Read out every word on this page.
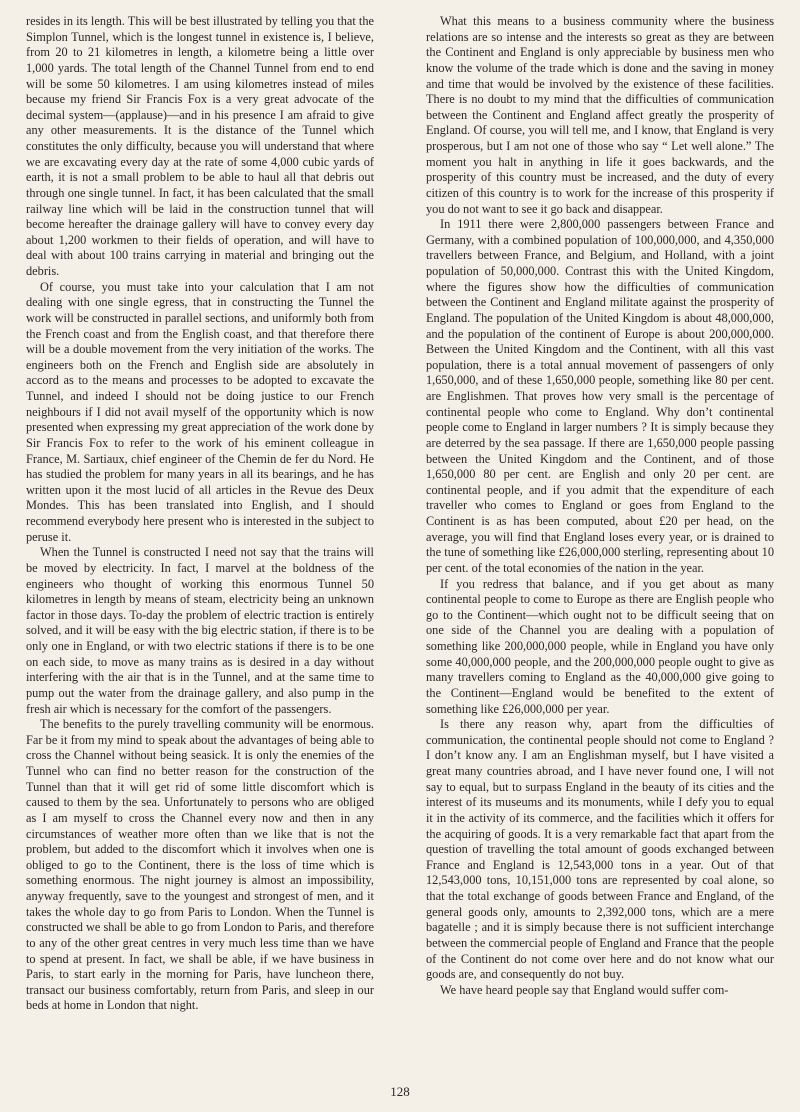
resides in its length. This will be best illustrated by telling you that the Simplon Tunnel, which is the longest tunnel in existence is, I believe, from 20 to 21 kilometres in length, a kilometre being a little over 1,000 yards. The total length of the Channel Tunnel from end to end will be some 50 kilometres. I am using kilometres instead of miles because my friend Sir Francis Fox is a very great advocate of the decimal system—(applause)—and in his presence I am afraid to give any other measurements. It is the distance of the Tunnel which constitutes the only difficulty, because you will understand that where we are excavating every day at the rate of some 4,000 cubic yards of earth, it is not a small problem to be able to haul all that debris out through one single tunnel. In fact, it has been calculated that the small railway line which will be laid in the construction tunnel that will become hereafter the drainage gallery will have to convey every day about 1,200 workmen to their fields of operation, and will have to deal with about 100 trains carrying in material and bringing out the debris.

Of course, you must take into your calculation that I am not dealing with one single egress, that in constructing the Tunnel the work will be constructed in parallel sections, and uniformly both from the French coast and from the English coast, and that therefore there will be a double movement from the very initiation of the works. The engineers both on the French and English side are absolutely in accord as to the means and processes to be adopted to excavate the Tunnel, and indeed I should not be doing justice to our French neighbours if I did not avail myself of the opportunity which is now presented when expressing my great appreciation of the work done by Sir Francis Fox to refer to the work of his eminent colleague in France, M. Sartiaux, chief engineer of the Chemin de fer du Nord. He has studied the problem for many years in all its bearings, and he has written upon it the most lucid of all articles in the Revue des Deux Mondes. This has been translated into English, and I should recommend everybody here present who is interested in the subject to peruse it.

When the Tunnel is constructed I need not say that the trains will be moved by electricity. In fact, I marvel at the boldness of the engineers who thought of working this enormous Tunnel 50 kilometres in length by means of steam, electricity being an unknown factor in those days. To-day the problem of electric traction is entirely solved, and it will be easy with the big electric station, if there is to be only one in England, or with two electric stations if there is to be one on each side, to move as many trains as is desired in a day without interfering with the air that is in the Tunnel, and at the same time to pump out the water from the drainage gallery, and also pump in the fresh air which is necessary for the comfort of the passengers.

The benefits to the purely travelling community will be enormous. Far be it from my mind to speak about the advantages of being able to cross the Channel without being seasick. It is only the enemies of the Tunnel who can find no better reason for the construction of the Tunnel than that it will get rid of some little discomfort which is caused to them by the sea. Unfortunately to persons who are obliged as I am myself to cross the Channel every now and then in any circumstances of weather more often than we like that is not the problem, but added to the discomfort which it involves when one is obliged to go to the Continent, there is the loss of time which is something enormous. The night journey is almost an impossibility, anyway frequently, save to the youngest and strongest of men, and it takes the whole day to go from Paris to London. When the Tunnel is constructed we shall be able to go from London to Paris, and therefore to any of the other great centres in very much less time than we have to spend at present. In fact, we shall be able, if we have business in Paris, to start early in the morning for Paris, have luncheon there, transact our business comfortably, return from Paris, and sleep in our beds at home in London that night.

What this means to a business community where the business relations are so intense and the interests so great as they are between the Continent and England is only appreciable by business men who know the volume of the trade which is done and the saving in money and time that would be involved by the existence of these facilities. There is no doubt to my mind that the difficulties of communication between the Continent and England affect greatly the prosperity of England. Of course, you will tell me, and I know, that England is very prosperous, but I am not one of those who say “ Let well alone.” The moment you halt in anything in life it goes backwards, and the prosperity of this country must be increased, and the duty of every citizen of this country is to work for the increase of this prosperity if you do not want to see it go back and disappear.

In 1911 there were 2,800,000 passengers between France and Germany, with a combined population of 100,000,000, and 4,350,000 travellers between France, and Belgium, and Holland, with a joint population of 50,000,000. Contrast this with the United Kingdom, where the figures show how the difficulties of communication between the Continent and England militate against the prosperity of England. The population of the United Kingdom is about 48,000,000, and the population of the continent of Europe is about 200,000,000. Between the United Kingdom and the Continent, with all this vast population, there is a total annual movement of passengers of only 1,650,000, and of these 1,650,000 people, something like 80 per cent. are Englishmen. That proves how very small is the percentage of continental people who come to England. Why don’t continental people come to England in larger numbers ? It is simply because they are deterred by the sea passage. If there are 1,650,000 people passing between the United Kingdom and the Continent, and of those 1,650,000 80 per cent. are English and only 20 per cent. are continental people, and if you admit that the expenditure of each traveller who comes to England or goes from England to the Continent is as has been computed, about £20 per head, on the average, you will find that England loses every year, or is drained to the tune of something like £26,000,000 sterling, representing about 10 per cent. of the total economies of the nation in the year.

If you redress that balance, and if you get about as many continental people to come to Europe as there are English people who go to the Continent—which ought not to be difficult seeing that on one side of the Channel you are dealing with a population of something like 200,000,000 people, while in England you have only some 40,000,000 people, and the 200,000,000 people ought to give as many travellers coming to England as the 40,000,000 give going to the Continent—England would be benefited to the extent of something like £26,000,000 per year.

Is there any reason why, apart from the difficulties of communication, the continental people should not come to England ? I don’t know any. I am an Englishman myself, but I have visited a great many countries abroad, and I have never found one, I will not say to equal, but to surpass England in the beauty of its cities and the interest of its museums and its monuments, while I defy you to equal it in the activity of its commerce, and the facilities which it offers for the acquiring of goods. It is a very remarkable fact that apart from the question of travelling the total amount of goods exchanged between France and England is 12,543,000 tons in a year. Out of that 12,543,000 tons, 10,151,000 tons are represented by coal alone, so that the total exchange of goods between France and England, of the general goods only, amounts to 2,392,000 tons, which are a mere bagatelle ; and it is simply because there is not sufficient interchange between the commercial people of England and France that the people of the Continent do not come over here and do not know what our goods are, and consequently do not buy.

We have heard people say that England would suffer com-

128
